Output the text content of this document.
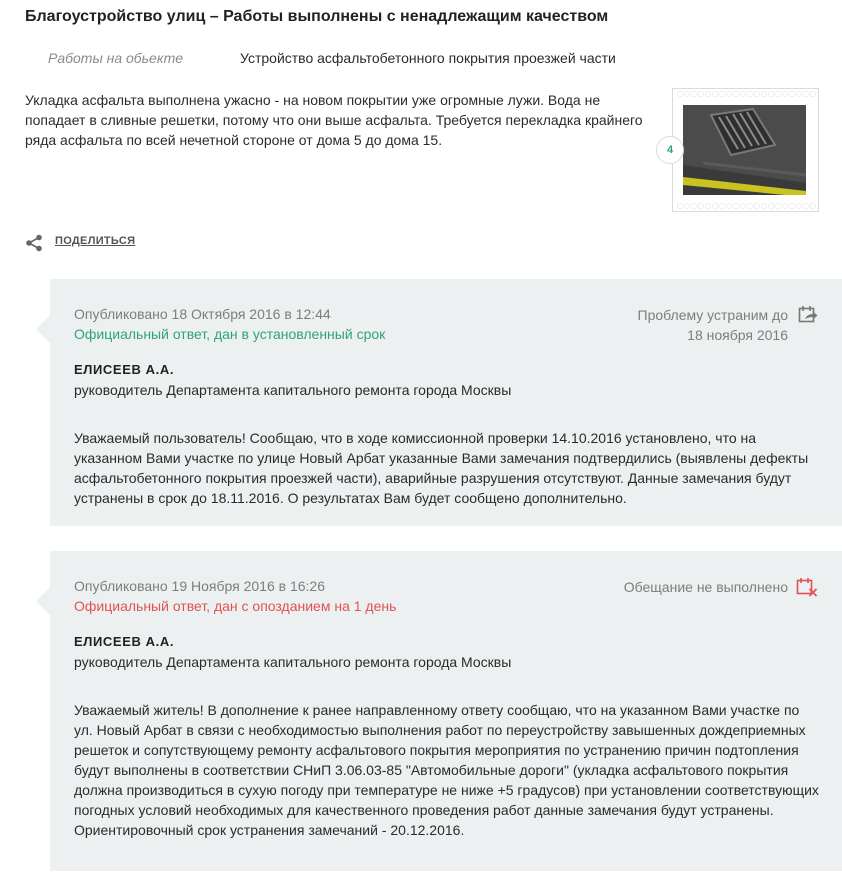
Благоустройство улиц – Работы выполнены с ненадлежащим качеством
Работы на обьекте	Устройство асфальтобетонного покрытия проезжей части
Укладка асфальта выполнена ужасно - на новом покрытии уже огромные лужи. Вода не попадает в сливные решетки, потому что они выше асфальта. Требуется перекладка крайнего ряда асфальта по всей нечетной стороне от дома 5 до дома 15.
4
ПОДЕЛИТЬСЯ
Опубликовано 18 Октября 2016 в 12:44
Официальный ответ, дан в установленный срок
Проблему устраним до
18 ноября 2016
ЕЛИСЕЕВ А.А.
руководитель Департамента капитального ремонта города Москвы
Уважаемый пользователь! Сообщаю, что в ходе комиссионной проверки 14.10.2016 установлено, что на указанном Вами участке по улице Новый Арбат указанные Вами замечания подтвердились (выявлены дефекты асфальтобетонного покрытия проезжей части), аварийные разрушения отсутствуют. Данные замечания будут устранены в срок до 18.11.2016. О результатах Вам будет сообщено дополнительно.
Опубликовано 19 Ноября 2016 в 16:26
Официальный ответ, дан с опозданием на 1 день
Обещание не выполнено
ЕЛИСЕЕВ А.А.
руководитель Департамента капитального ремонта города Москвы
Уважаемый житель! В дополнение к ранее направленному ответу сообщаю, что на указанном Вами участке по ул. Новый Арбат в связи с необходимостью выполнения работ по переустройству завышенных дождеприемных решеток и сопутствующему ремонту асфальтового покрытия мероприятия по устранению причин подтопления будут выполнены в соответствии СНиП 3.06.03-85 "Автомобильные дороги" (укладка асфальтового покрытия должна производиться в сухую погоду при температуре не ниже +5 градусов) при установлении соответствующих погодных условий необходимых для качественного проведения работ данные замечания будут устранены. Ориентировочный срок устранения замечаний - 20.12.2016.
